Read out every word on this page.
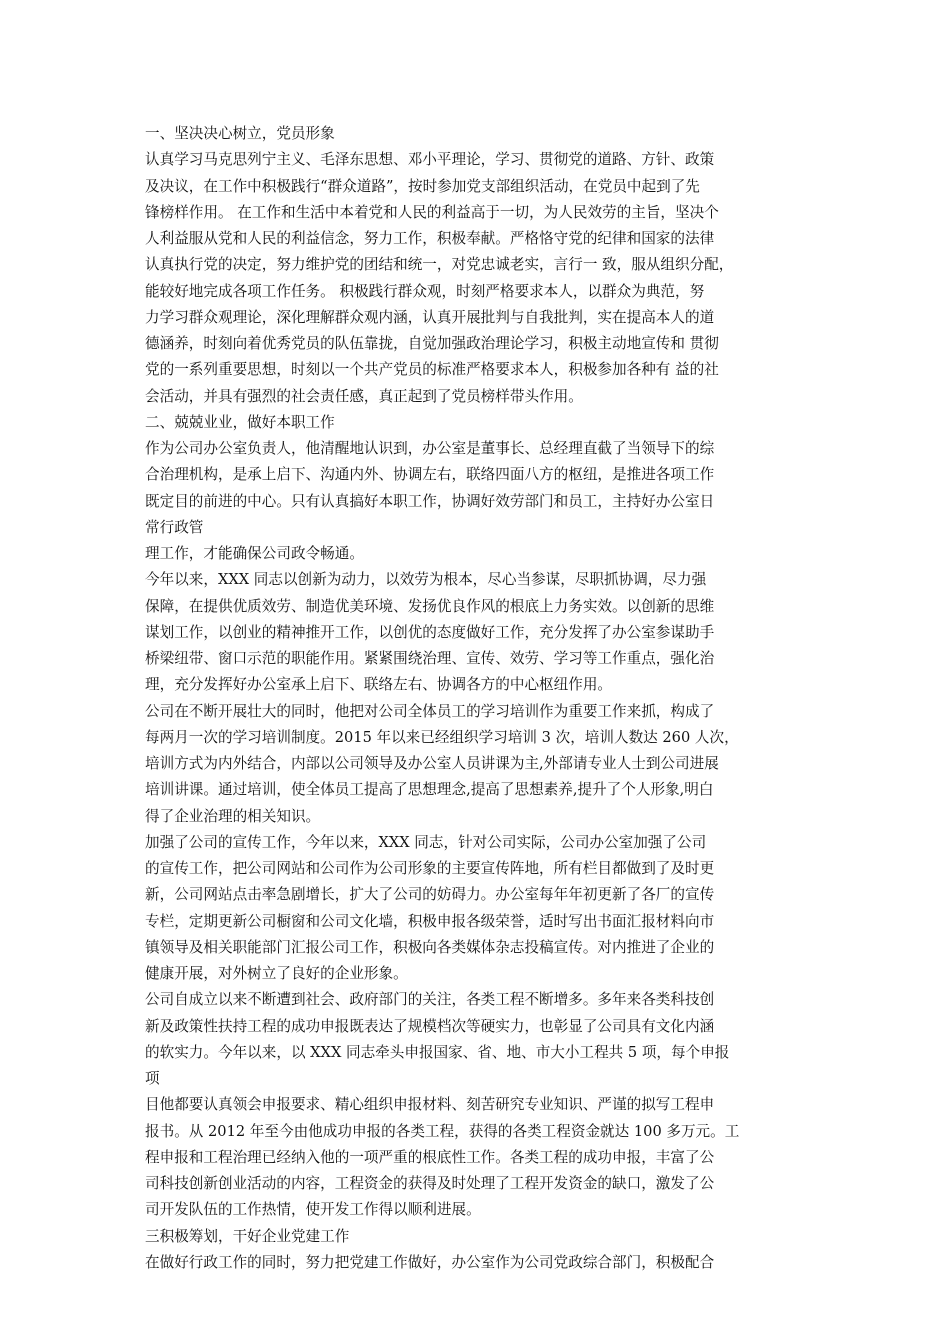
一、坚决决心树立，党员形象
认真学习马克思列宁主义、毛泽东思想、邓小平理论，学习、贯彻党的道路、方针、政策
及决议，在工作中积极践行“群众道路”，按时参加党支部组织活动，在党员中起到了先
锋榜样作用。 在工作和生活中本着党和人民的利益高于一切，为人民效劳的主旨，坚决个
人利益服从党和人民的利益信念，努力工作，积极奉献。严格恪守党的纪律和国家的法律
认真执行党的决定，努力维护党的团结和统一，对党忠诚老实，言行一 致，服从组织分配，
能较好地完成各项工作任务。 积极践行群众观，时刻严格要求本人，以群众为典范，努
力学习群众观理论，深化理解群众观内涵，认真开展批判与自我批判，实在提高本人的道
德涵养，时刻向着优秀党员的队伍靠拢，自觉加强政治理论学习，积极主动地宣传和 贯彻
党的一系列重要思想，时刻以一个共产党员的标准严格要求本人，积极参加各种有 益的社
会活动，并具有强烈的社会责任感，真正起到了党员榜样带头作用。
二、兢兢业业，做好本职工作
作为公司办公室负责人，他清醒地认识到，办公室是董事长、总经理直截了当领导下的综
合治理机构，是承上启下、沟通内外、协调左右，联络四面八方的枢纽，是推进各项工作
既定目的前进的中心。只有认真搞好本职工作，协调好效劳部门和员工，主持好办公室日
常行政管
理工作，才能确保公司政令畅通。
今年以来，XXX 同志以创新为动力，以效劳为根本，尽心当参谋，尽职抓协调，尽力强
保障，在提供优质效劳、制造优美环境、发扬优良作风的根底上力务实效。以创新的思维
谋划工作，以创业的精神推开工作，以创优的态度做好工作，充分发挥了办公室参谋助手
桥梁纽带、窗口示范的职能作用。紧紧围绕治理、宣传、效劳、学习等工作重点，强化治
理，充分发挥好办公室承上启下、联络左右、协调各方的中心枢纽作用。
公司在不断开展壮大的同时，他把对公司全体员工的学习培训作为重要工作来抓，构成了
每两月一次的学习培训制度。2015 年以来已经组织学习培训 3 次，培训人数达 260 人次，
培训方式为内外结合，内部以公司领导及办公室人员讲课为主,外部请专业人士到公司进展
培训讲课。通过培训，使全体员工提高了思想理念,提高了思想素养,提升了个人形象,明白
得了企业治理的相关知识。
加强了公司的宣传工作，今年以来，XXX 同志，针对公司实际，公司办公室加强了公司
的宣传工作，把公司网站和公司作为公司形象的主要宣传阵地，所有栏目都做到了及时更
新，公司网站点击率急剧增长，扩大了公司的妨碍力。办公室每年年初更新了各厂的宣传
专栏，定期更新公司橱窗和公司文化墙，积极申报各级荣誉，适时写出书面汇报材料向市
镇领导及相关职能部门汇报公司工作，积极向各类媒体杂志投稿宣传。对内推进了企业的
健康开展，对外树立了良好的企业形象。
公司自成立以来不断遭到社会、政府部门的关注，各类工程不断增多。多年来各类科技创
新及政策性扶持工程的成功申报既表达了规模档次等硬实力，也彰显了公司具有文化内涵
的软实力。今年以来，以 XXX 同志牵头申报国家、省、地、市大小工程共 5 项，每个申报
项
目他都要认真领会申报要求、精心组织申报材料、刻苦研究专业知识、严谨的拟写工程申
报书。从 2012 年至今由他成功申报的各类工程，获得的各类工程资金就达 100 多万元。工
程申报和工程治理已经纳入他的一项严重的根底性工作。各类工程的成功申报，丰富了公
司科技创新创业活动的内容，工程资金的获得及时处理了工程开发资金的缺口，激发了公
司开发队伍的工作热情，使开发工作得以顺利进展。
三积极筹划，干好企业党建工作
在做好行政工作的同时，努力把党建工作做好，办公室作为公司党政综合部门，积极配合
